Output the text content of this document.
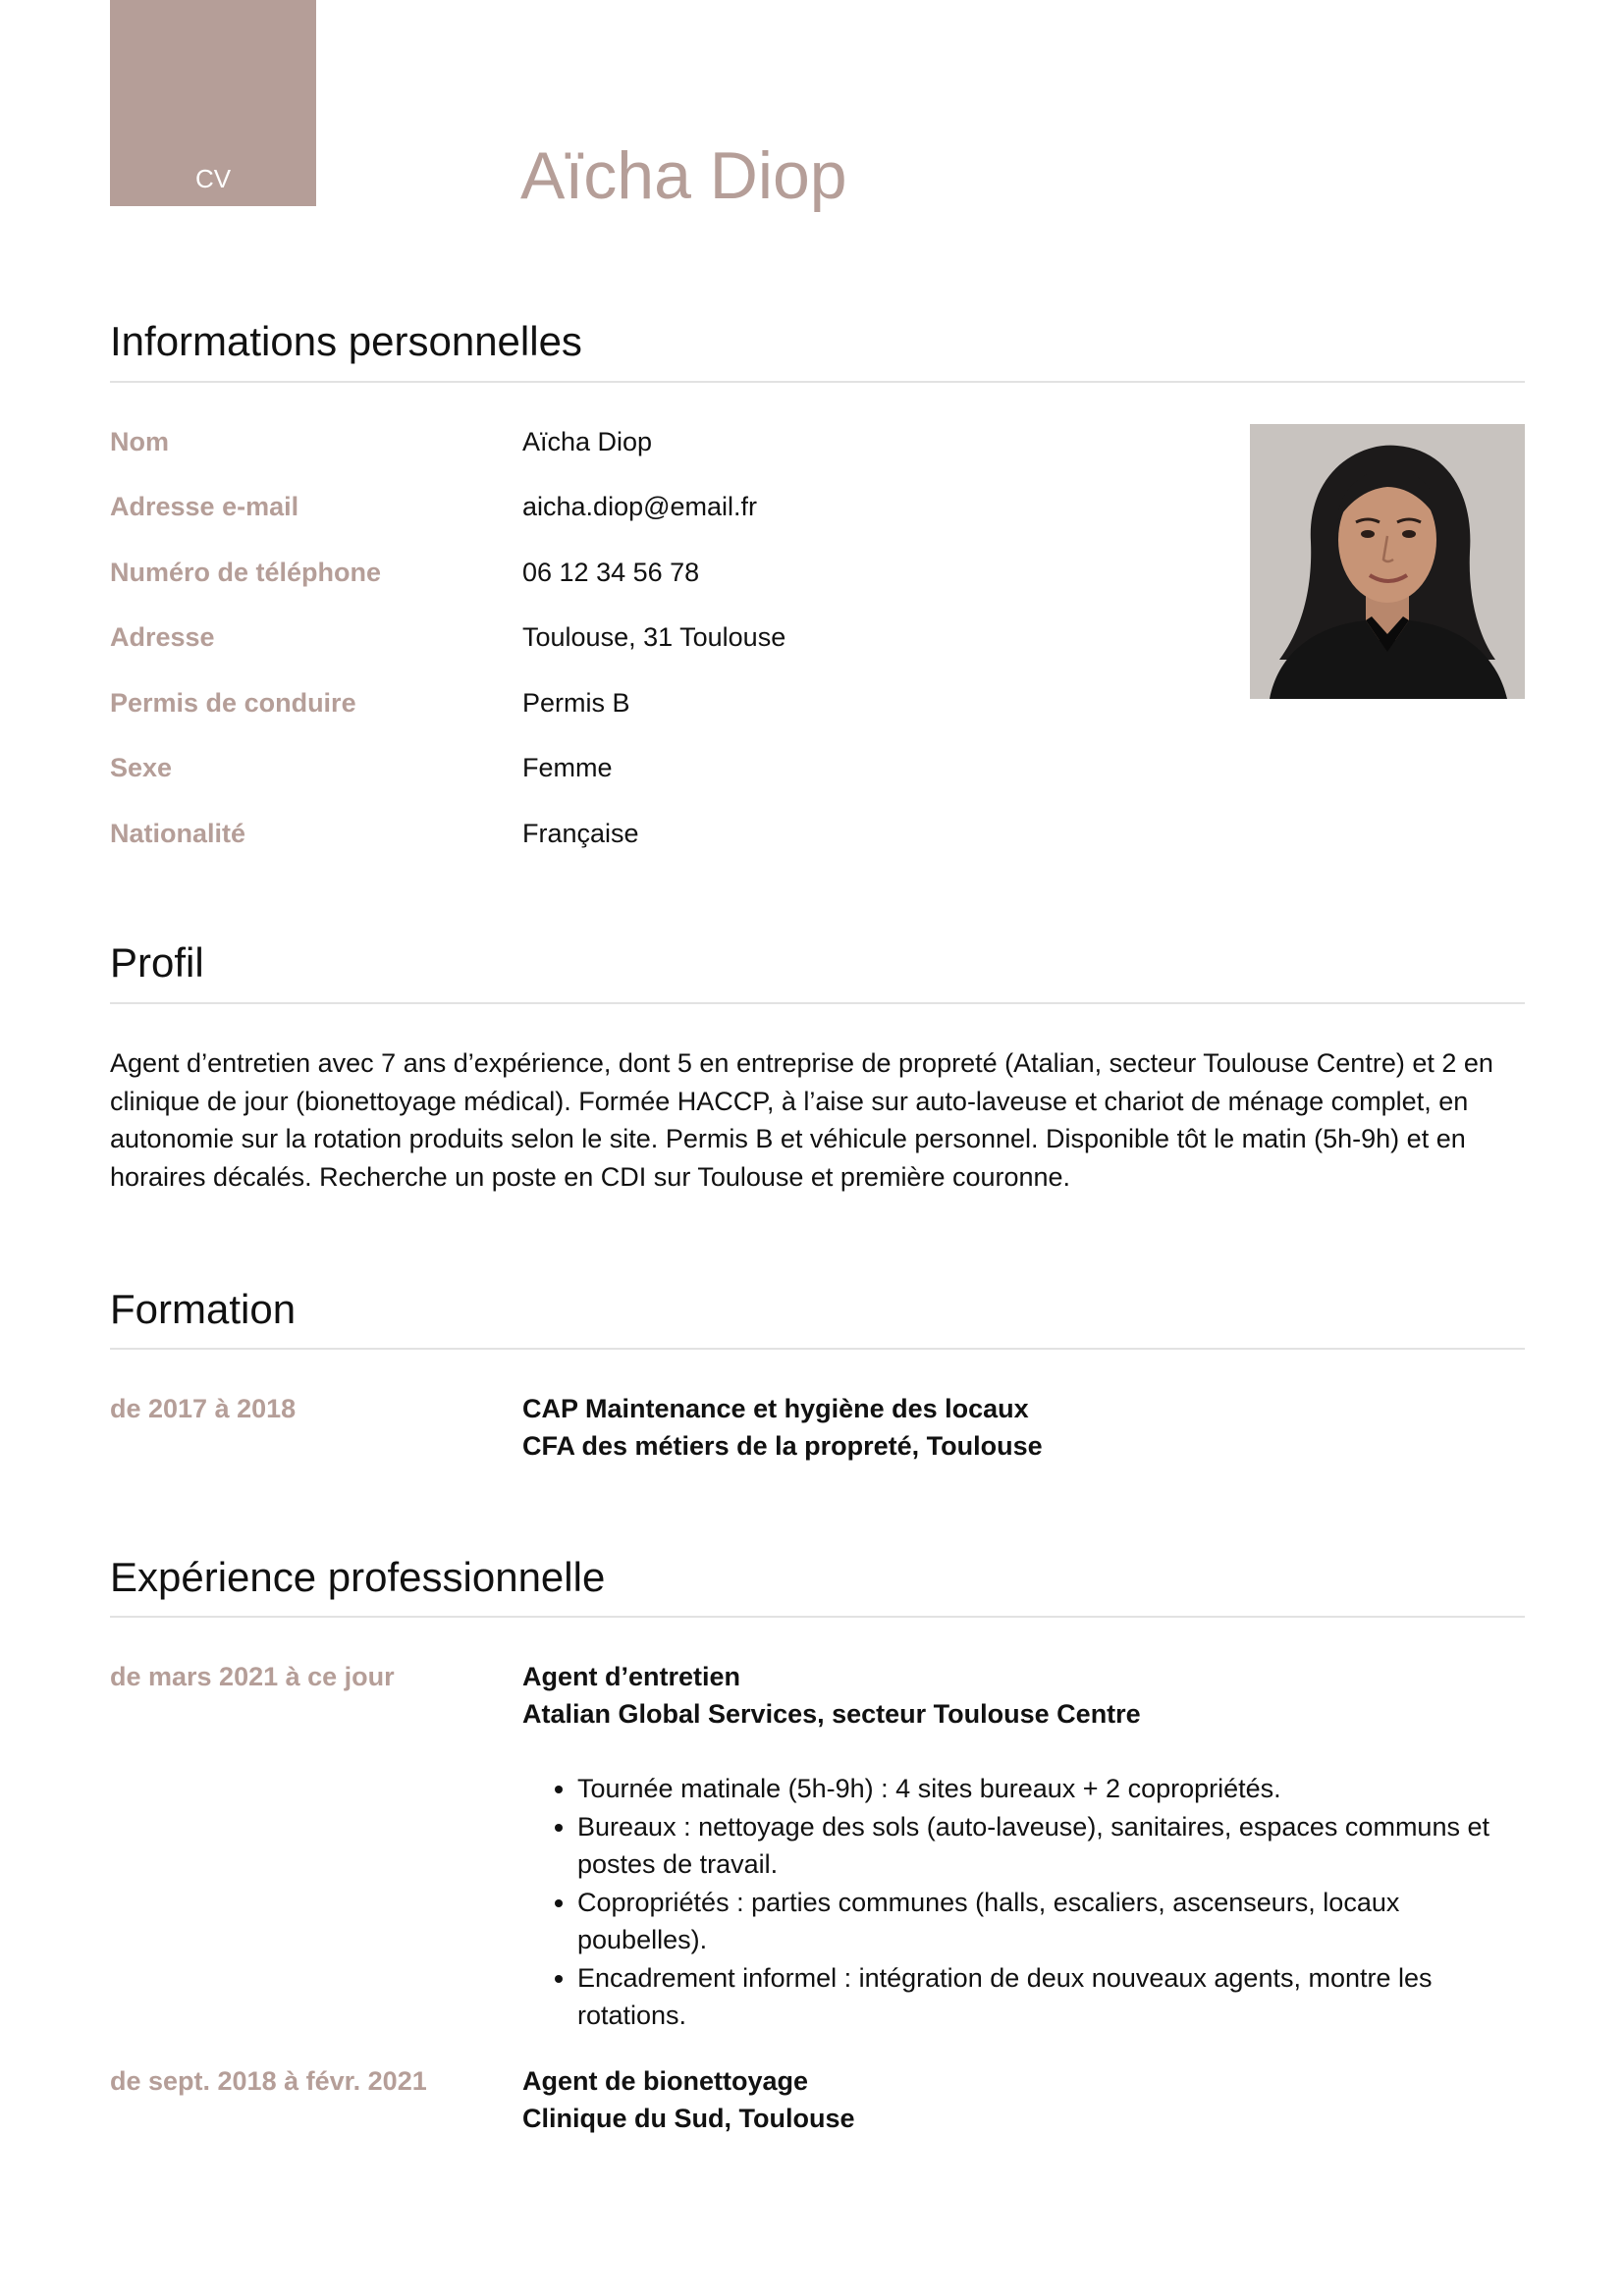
CV	Aïcha Diop
Informations personnelles
Nom	Aïcha Diop
Adresse e-mail	aicha.diop@email.fr
Numéro de téléphone	06 12 34 56 78
Adresse	Toulouse, 31 Toulouse
Permis de conduire	Permis B
Sexe	Femme
Nationalité	Française
Profil

Agent d’entretien avec 7 ans d’expérience, dont 5 en entreprise de propreté (Atalian, secteur Toulouse Centre) et 2 en clinique de jour (bionettoyage médical). Formée HACCP, à l’aise sur auto-laveuse et chariot de ménage complet, en autonomie sur la rotation produits selon le site. Permis B et véhicule personnel. Disponible tôt le matin (5h-9h) et en horaires décalés. Recherche un poste en CDI sur Toulouse et première couronne.

Formation
de 2017 à 2018	CAP Maintenance et hygiène des locaux
CFA des métiers de la propreté, Toulouse
Expérience professionnelle
de mars 2021 à ce jour	Agent d’entretien
Atalian Global Services, secteur Toulouse Centre
• Tournée matinale (5h-9h) : 4 sites bureaux + 2 copropriétés.
• Bureaux : nettoyage des sols (auto-laveuse), sanitaires, espaces communs et postes de travail.
• Copropriétés : parties communes (halls, escaliers, ascenseurs, locaux poubelles).
• Encadrement informel : intégration de deux nouveaux agents, montre les rotations.
de sept. 2018 à févr. 2021	Agent de bionettoyage
Clinique du Sud, Toulouse
